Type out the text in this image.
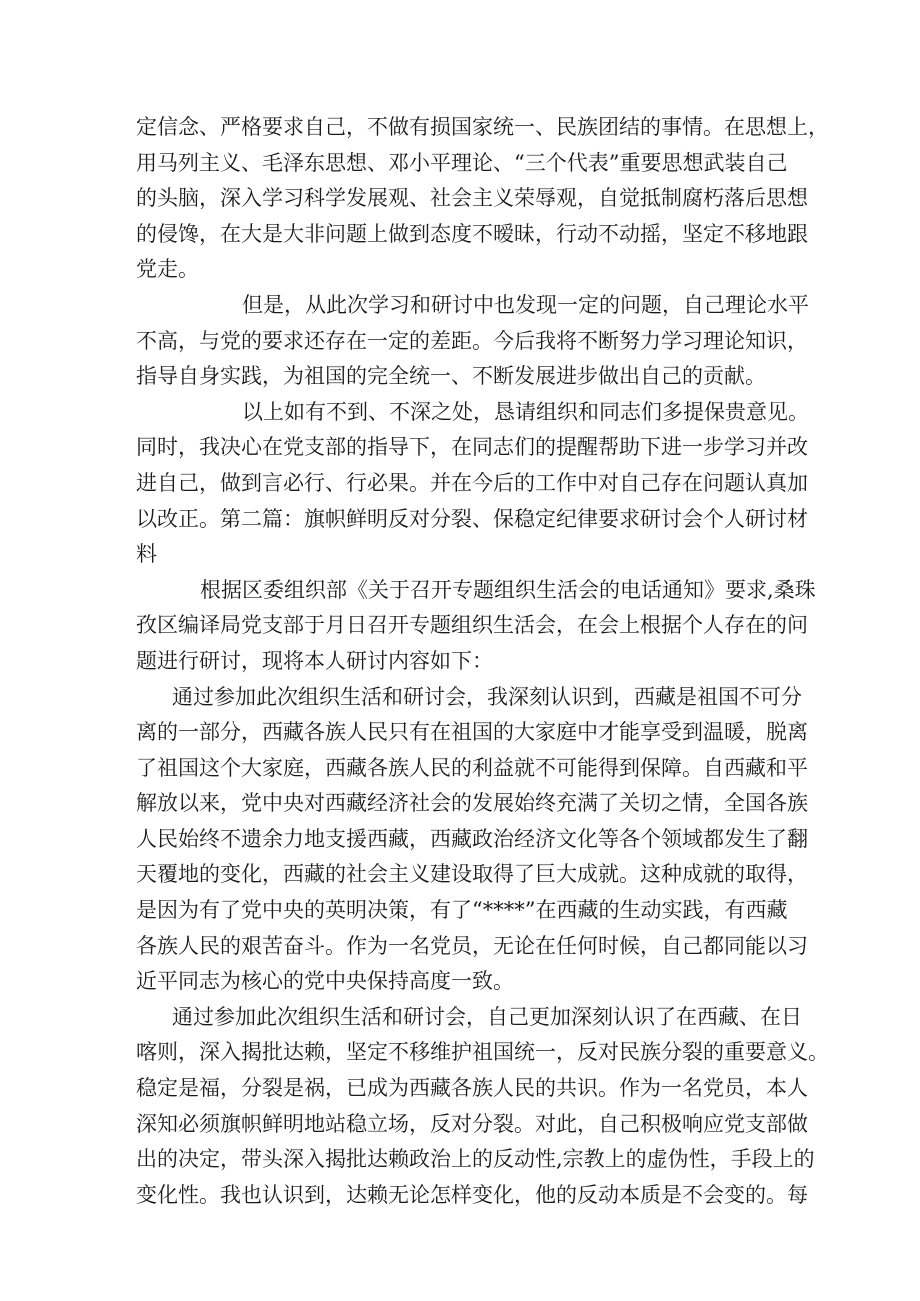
定信念、严格要求自己，不做有损国家统一、民族团结的事情。在思想上，
用马列主义、毛泽东思想、邓小平理论、“三个代表”重要思想武装自己
的头脑，深入学习科学发展观、社会主义荣辱观，自觉抵制腐朽落后思想
的侵馋，在大是大非问题上做到态度不暧昧，行动不动摇，坚定不移地跟
党走。
但是，从此次学习和研讨中也发现一定的问题，自己理论水平
不高，与党的要求还存在一定的差距。今后我将不断努力学习理论知识，
指导自身实践，为祖国的完全统一、不断发展进步做出自己的贡献。
以上如有不到、不深之处，恳请组织和同志们多提保贵意见。
同时，我决心在党支部的指导下，在同志们的提醒帮助下进一步学习并改
进自己，做到言必行、行必果。并在今后的工作中对自己存在问题认真加
以改正。第二篇：旗帜鲜明反对分裂、保稳定纪律要求研讨会个人研讨材
料
根据区委组织部《关于召开专题组织生活会的电话通知》要求,桑珠
孜区编译局党支部于月日召开专题组织生活会，在会上根据个人存在的问
题进行研讨，现将本人研讨内容如下：
通过参加此次组织生活和研讨会，我深刻认识到，西藏是祖国不可分
离的一部分，西藏各族人民只有在祖国的大家庭中才能享受到温暖，脱离
了祖国这个大家庭，西藏各族人民的利益就不可能得到保障。自西藏和平
解放以来，党中央对西藏经济社会的发展始终充满了关切之情，全国各族
人民始终不遗余力地支援西藏，西藏政治经济文化等各个领域都发生了翻
天覆地的变化，西藏的社会主义建设取得了巨大成就。这种成就的取得，
是因为有了党中央的英明决策，有了“****”在西藏的生动实践，有西藏
各族人民的艰苦奋斗。作为一名党员，无论在任何时候，自己都同能以习
近平同志为核心的党中央保持高度一致。
通过参加此次组织生活和研讨会，自己更加深刻认识了在西藏、在日
喀则，深入揭批达赖，坚定不移维护祖国统一，反对民族分裂的重要意义。
稳定是福，分裂是祸，已成为西藏各族人民的共识。作为一名党员，本人
深知必须旗帜鲜明地站稳立场，反对分裂。对此，自己积极响应党支部做
出的决定，带头深入揭批达赖政治上的反动性,宗教上的虚伪性，手段上的
变化性。我也认识到，达赖无论怎样变化，他的反动本质是不会变的。每
